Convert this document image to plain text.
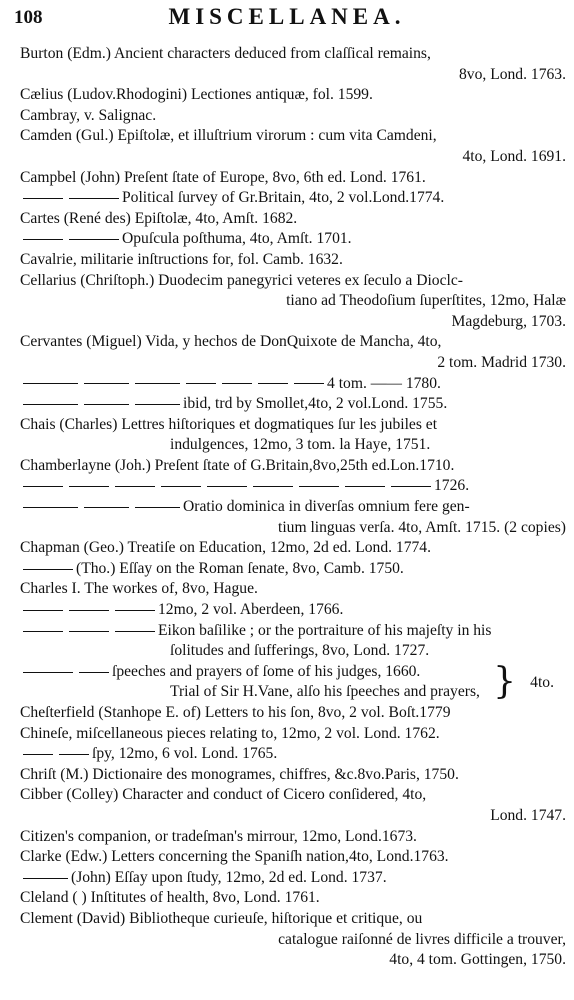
108	MISCELLANEA.
Burton (Edm.) Ancient characters deduced from claſſical remains,
8vo, Lond. 1763.
Cælius (Ludov.Rhodogini) Lectiones antiquæ, fol. 1599.
Cambray, v. Salignac.
Camden (Gul.) Epiſtolæ, et illuſtrium virorum : cum vita Camdeni,
4to, Lond. 1691.
Campbel (John) Preſent ſtate of Europe, 8vo, 6th ed. Lond. 1761.
Political ſurvey of Gr.Britain, 4to, 2 vol.Lond.1774.
Cartes (René des) Epiſtolæ, 4to, Amſt. 1682.
Opuſcula poſthuma, 4to, Amſt. 1701.
Cavalrie, militarie inſtructions for, fol. Camb. 1632.
Cellarius (Chriſtoph.) Duodecim panegyrici veteres ex ſeculo a Dioclc-
tiano ad Theodoſium ſuperſtites, 12mo, Halæ
Magdeburg, 1703.
Cervantes (Miguel) Vida, y hechos de DonQuixote de Mancha, 4to,
2 tom. Madrid 1730.
4 tom. —— 1780.
ibid, trd by Smollet,4to, 2 vol.Lond. 1755.
Chais (Charles) Lettres hiſtoriques et dogmatiques ſur les jubiles et
indulgences, 12mo, 3 tom. la Haye, 1751.
Chamberlayne (Joh.) Preſent ſtate of G.Britain,8vo,25th ed.Lon.1710.
1726.
Oratio dominica in diverſas omnium fere gen-
tium linguas verſa. 4to, Amſt. 1715. (2 copies)
Chapman (Geo.) Treatiſe on Education, 12mo, 2d ed. Lond. 1774.
(Tho.) Eſſay on the Roman ſenate, 8vo, Camb. 1750.
Charles I. The workes of, 8vo, Hague.
12mo, 2 vol. Aberdeen, 1766.
Eikon baſilike ; or the portraiture of his majeſty in his
ſolitudes and ſufferings, 8vo, Lond. 1727.
ſpeeches and prayers of ſome of his judges, 1660.
Trial of Sir H.Vane, alſo his ſpeeches and prayers, } 4to.
Cheſterfield (Stanhope E. of) Letters to his ſon, 8vo, 2 vol. Boſt.1779
Chineſe, miſcellaneous pieces relating to, 12mo, 2 vol. Lond. 1762.
ſpy, 12mo, 6 vol. Lond. 1765.
Chriſt (M.) Dictionaire des monogrames, chiffres, &c.8vo.Paris, 1750.
Cibber (Colley) Character and conduct of Cicero conſidered, 4to,
Lond. 1747.
Citizen's companion, or tradeſman's mirrour, 12mo, Lond.1673.
Clarke (Edw.) Letters concerning the Spaniſh nation,4to, Lond.1763.
(John) Eſſay upon ſtudy, 12mo, 2d ed. Lond. 1737.
Cleland ( ) Inſtitutes of health, 8vo, Lond. 1761.
Clement (David) Bibliotheque curieuſe, hiſtorique et critique, ou
catalogue raiſonné de livres difficile a trouver,
4to, 4 tom. Gottingen, 1750.
